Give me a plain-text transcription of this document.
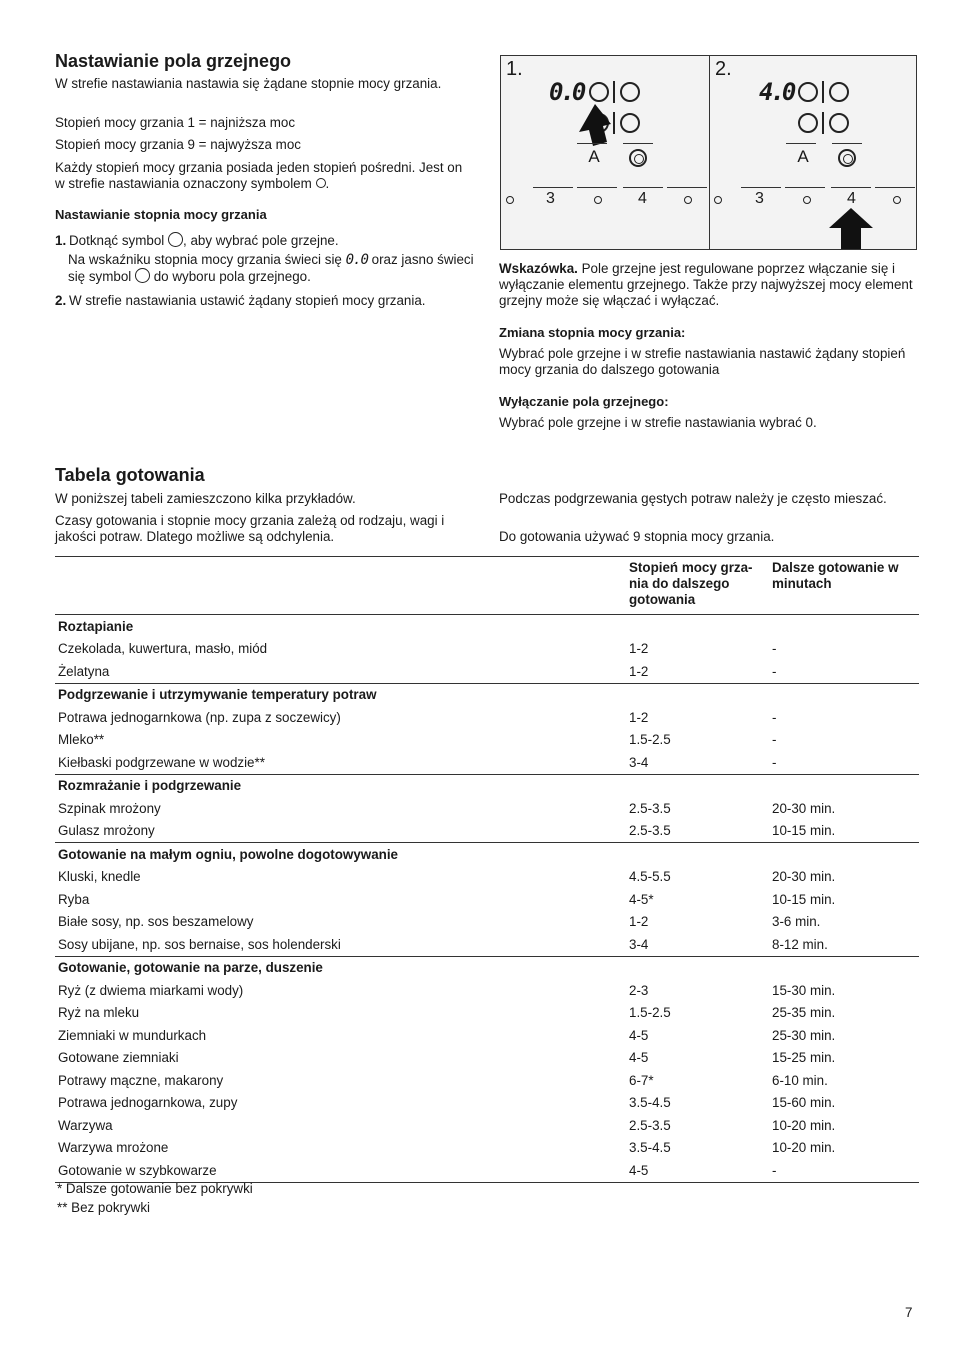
Nastawianie pola grzejnego

W strefie nastawiania nastawia się żądane stopnie mocy grzania.

Stopień mocy grzania 1 = najniższa moc

Stopień mocy grzania 9 = najwyższa moc

Każdy stopień mocy grzania posiada jeden stopień pośredni. Jest on w strefie nastawiania oznaczony symbolem .

Nastawianie stopnia mocy grzania

1. Dotknąć symbol , aby wybrać pole grzejne.

Na wskaźniku stopnia mocy grzania świeci się 0.0 oraz jasno świeci się symbol do wyboru pola grzejnego.

2. W strefie nastawiania ustawić żądany stopień mocy grzania.

1.
0.0
A
3	4
2.
4.0
A
3	4

Wskazówka. Pole grzejne jest regulowane poprzez włączanie się i wyłączanie elementu grzejnego. Także przy najwyższej mocy element grzejny może się włączać i wyłączać.

Zmiana stopnia mocy grzania:

Wybrać pole grzejne i w strefie nastawiania nastawić żądany stopień mocy grzania do dalszego gotowania

Wyłączanie pola grzejnego:

Wybrać pole grzejne i w strefie nastawiania wybrać 0.

Tabela gotowania

W poniższej tabeli zamieszczono kilka przykładów.

Czasy gotowania i stopnie mocy grzania zależą od rodzaju, wagi i jakości potraw. Dlatego możliwe są odchylenia.

Podczas podgrzewania gęstych potraw należy je często mieszać.

Do gotowania używać 9 stopnia mocy grzania.

	Stopień mocy grza-nia do dalszego gotowania	Dalsze gotowanie w minutach
Roztapianie		
Czekolada, kuwertura, masło, miód	1-2	-
Żelatyna	1-2	-
Podgrzewanie i utrzymywanie temperatury potraw		
Potrawa jednogarnkowa (np. zupa z soczewicy)	1-2	-
Mleko**	1.5-2.5	-
Kiełbaski podgrzewane w wodzie**	3-4	-
Rozmrażanie i podgrzewanie		
Szpinak mrożony	2.5-3.5	20-30 min.
Gulasz mrożony	2.5-3.5	10-15 min.
Gotowanie na małym ogniu, powolne dogotowywanie		
Kluski, knedle	4.5-5.5	20-30 min.
Ryba	4-5*	10-15 min.
Białe sosy, np. sos beszamelowy	1-2	3-6 min.
Sosy ubijane, np. sos bernaise, sos holenderski	3-4	8-12 min.
Gotowanie, gotowanie na parze, duszenie		
Ryż (z dwiema miarkami wody)	2-3	15-30 min.
Ryż na mleku	1.5-2.5	25-35 min.
Ziemniaki w mundurkach	4-5	25-30 min.
Gotowane ziemniaki	4-5	15-25 min.
Potrawy mączne, makarony	6-7*	6-10 min.
Potrawa jednogarnkowa, zupy	3.5-4.5	15-60 min.
Warzywa	2.5-3.5	10-20 min.
Warzywa mrożone	3.5-4.5	10-20 min.
Gotowanie w szybkowarze	4-5	-

* Dalsze gotowanie bez pokrywki

** Bez pokrywki

7
